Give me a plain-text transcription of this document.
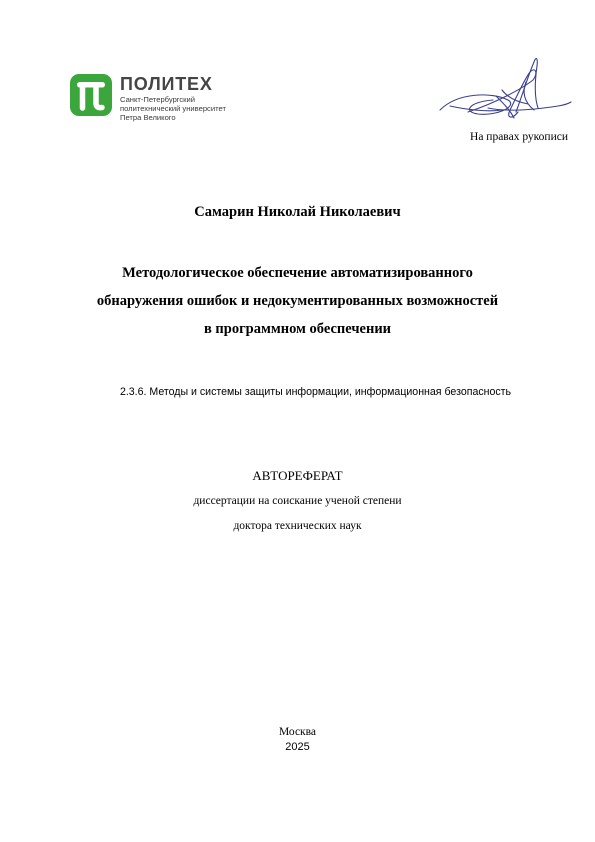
ПОЛИТЕХ
Санкт-Петербургский
политехнический университет
Петра Великого
На правах рукописи
Самарин Николай Николаевич
Методологическое обеспечение автоматизированного
обнаружения ошибок и недокументированных возможностей
в программном обеспечении
2.3.6. Методы и системы защиты информации, информационная безопасность
АВТОРЕФЕРАТ
диссертации на соискание ученой степени
доктора технических наук
Москва
2025
